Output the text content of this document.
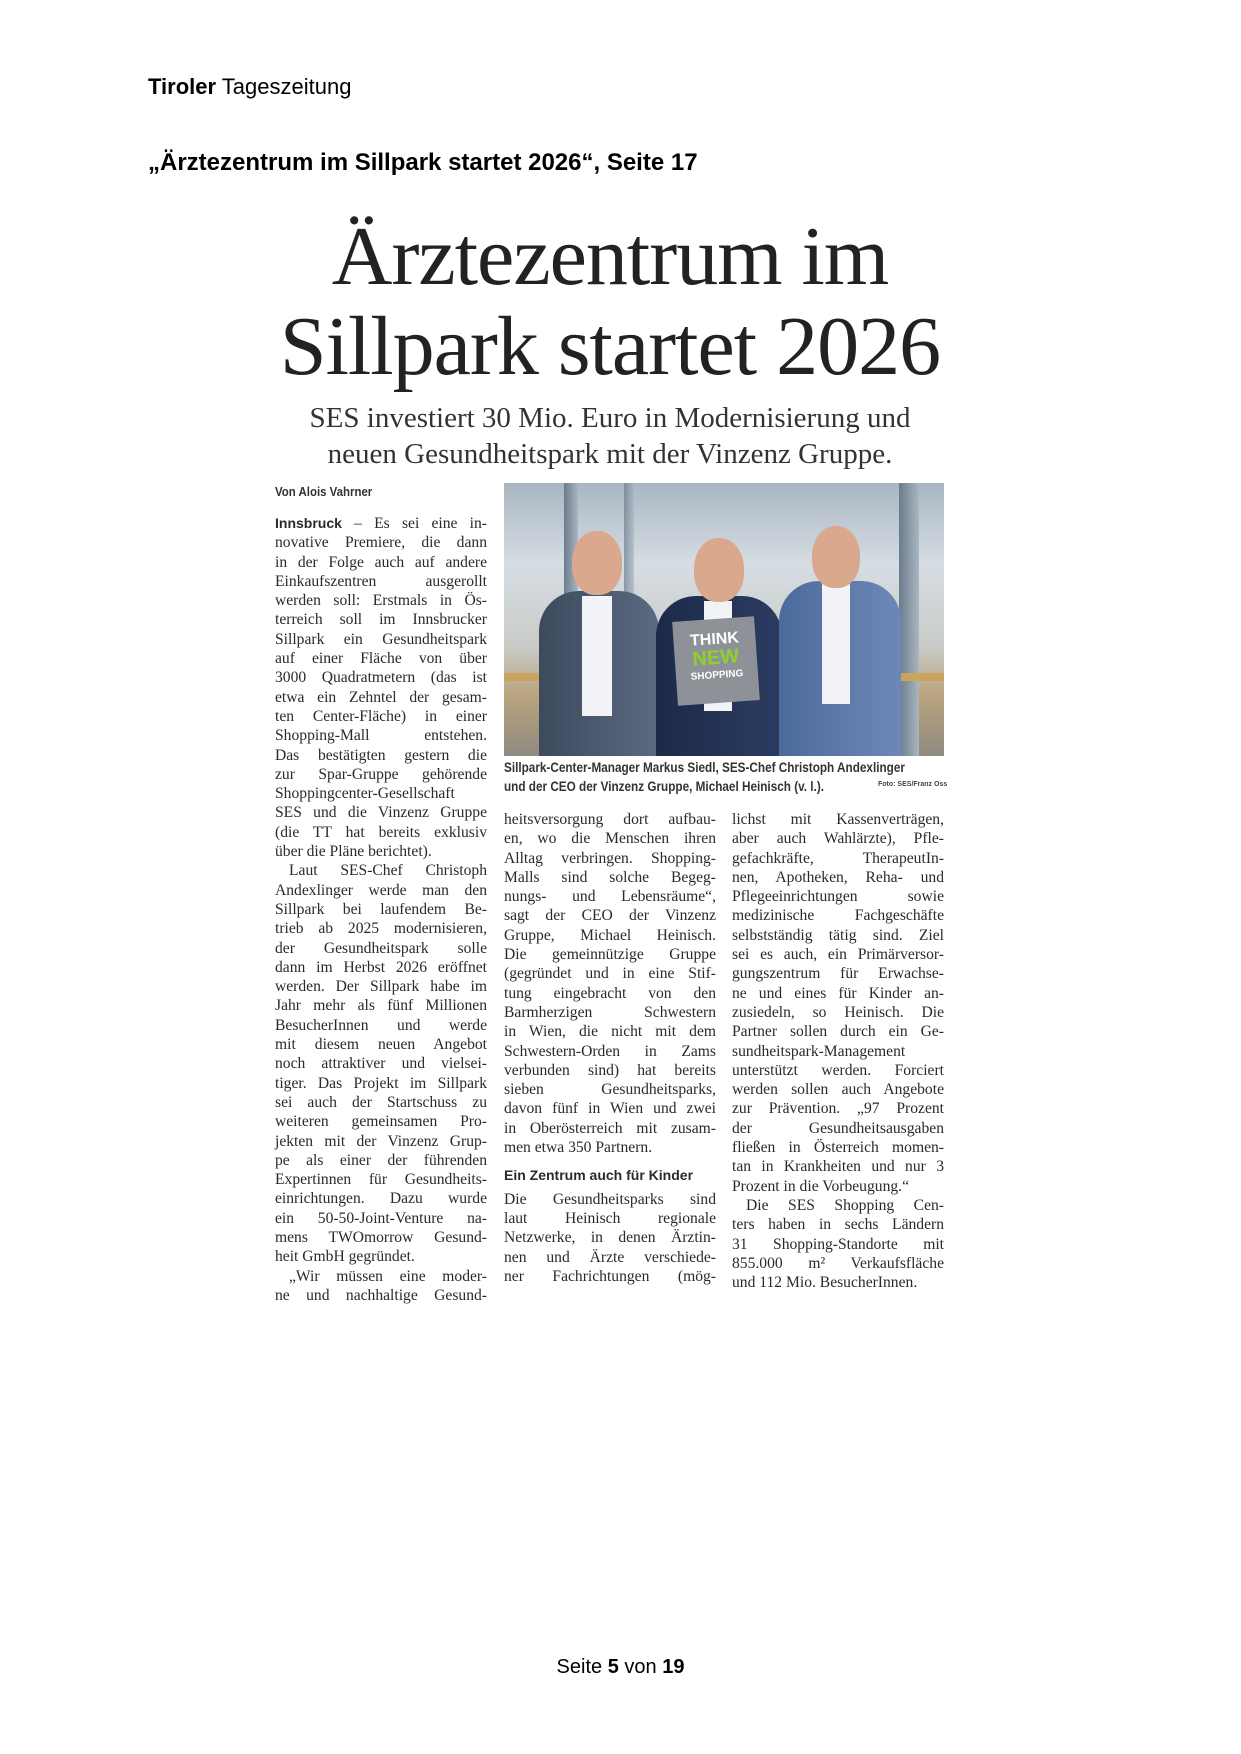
Tiroler Tageszeitung
„Ärztezentrum im Sillpark startet 2026“, Seite 17
Ärztezentrum im
Sillpark startet 2026
SES investiert 30 Mio. Euro in Modernisierung und
neuen Gesundheitspark mit der Vinzenz Gruppe.
Von Alois Vahrner
THINK
NEW
SHOPPING
Sillpark-Center-Manager Markus Siedl, SES-Chef Christoph Andexlinger
und der CEO der Vinzenz Gruppe, Michael Heinisch (v. l.).	Foto: SES/Franz Oss
Innsbruck – Es sei eine in-
novative Premiere, die dann
in der Folge auch auf andere
Einkaufszentren ausgerollt
werden soll: Erstmals in Ös-
terreich soll im Innsbrucker
Sillpark ein Gesundheitspark
auf einer Fläche von über
3000 Quadratmetern (das ist
etwa ein Zehntel der gesam-
ten Center-Fläche) in einer
Shopping-Mall entstehen.
Das bestätigten gestern die
zur Spar-Gruppe gehörende
Shoppingcenter-Gesellschaft
SES und die Vinzenz Gruppe
(die TT hat bereits exklusiv
über die Pläne berichtet).
Laut SES-Chef Christoph
Andexlinger werde man den
Sillpark bei laufendem Be-
trieb ab 2025 modernisieren,
der Gesundheitspark solle
dann im Herbst 2026 eröffnet
werden. Der Sillpark habe im
Jahr mehr als fünf Millionen
BesucherInnen und werde
mit diesem neuen Angebot
noch attraktiver und vielsei-
tiger. Das Projekt im Sillpark
sei auch der Startschuss zu
weiteren gemeinsamen Pro-
jekten mit der Vinzenz Grup-
pe als einer der führenden
Expertinnen für Gesundheits-
einrichtungen. Dazu wurde
ein 50-50-Joint-Venture na-
mens TWOmorrow Gesund-
heit GmbH gegründet.
„Wir müssen eine moder-
ne und nachhaltige Gesund-
heitsversorgung dort aufbau-
en, wo die Menschen ihren
Alltag verbringen. Shopping-
Malls sind solche Begeg-
nungs- und Lebensräume“,
sagt der CEO der Vinzenz
Gruppe, Michael Heinisch.
Die gemeinnützige Gruppe
(gegründet und in eine Stif-
tung eingebracht von den
Barmherzigen Schwestern
in Wien, die nicht mit dem
Schwestern-Orden in Zams
verbunden sind) hat bereits
sieben Gesundheitsparks,
davon fünf in Wien und zwei
in Oberösterreich mit zusam-
men etwa 350 Partnern.
Ein Zentrum auch für Kinder
Die Gesundheitsparks sind
laut Heinisch regionale
Netzwerke, in denen Ärztin-
nen und Ärzte verschiede-
ner Fachrichtungen (mög-
lichst mit Kassenverträgen,
aber auch Wahlärzte), Pfle-
gefachkräfte, TherapeutIn-
nen, Apotheken, Reha- und
Pflegeeinrichtungen sowie
medizinische Fachgeschäfte
selbstständig tätig sind. Ziel
sei es auch, ein Primärversor-
gungszentrum für Erwachse-
ne und eines für Kinder an-
zusiedeln, so Heinisch. Die
Partner sollen durch ein Ge-
sundheitspark-Management
unterstützt werden. Forciert
werden sollen auch Angebote
zur Prävention. „97 Prozent
der Gesundheitsausgaben
fließen in Österreich momen-
tan in Krankheiten und nur 3
Prozent in die Vorbeugung.“
Die SES Shopping Cen-
ters haben in sechs Ländern
31 Shopping-Standorte mit
855.000 m² Verkaufsfläche
und 112 Mio. BesucherInnen.
Seite 5 von 19
